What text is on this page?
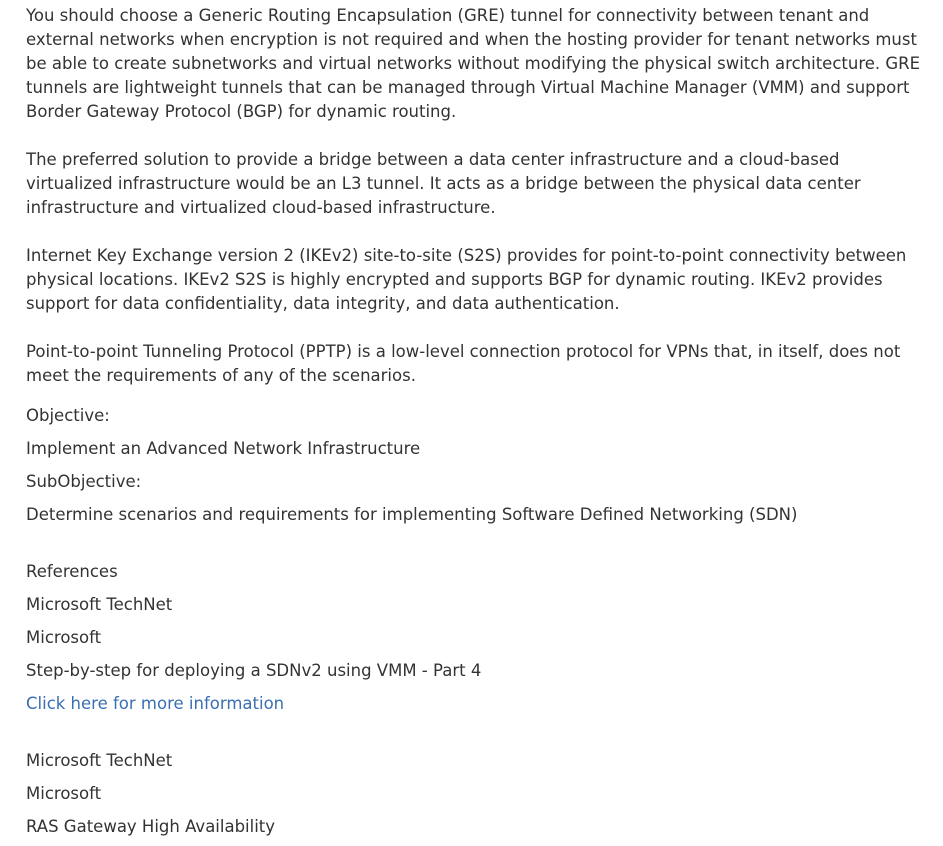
You should choose a Generic Routing Encapsulation (GRE) tunnel for connectivity between tenant and external networks when encryption is not required and when the hosting provider for tenant networks must be able to create subnetworks and virtual networks without modifying the physical switch architecture. GRE tunnels are lightweight tunnels that can be managed through Virtual Machine Manager (VMM) and support Border Gateway Protocol (BGP) for dynamic routing.

The preferred solution to provide a bridge between a data center infrastructure and a cloud-based virtualized infrastructure would be an L3 tunnel. It acts as a bridge between the physical data center infrastructure and virtualized cloud-based infrastructure.

Internet Key Exchange version 2 (IKEv2) site-to-site (S2S) provides for point-to-point connectivity between physical locations. IKEv2 S2S is highly encrypted and supports BGP for dynamic routing. IKEv2 provides support for data confidentiality, data integrity, and data authentication.

Point-to-point Tunneling Protocol (PPTP) is a low-level connection protocol for VPNs that, in itself, does not meet the requirements of any of the scenarios.

Objective:
Implement an Advanced Network Infrastructure
SubObjective:
Determine scenarios and requirements for implementing Software Defined Networking (SDN)
References
Microsoft TechNet
Microsoft
Step-by-step for deploying a SDNv2 using VMM - Part 4
Click here for more information
Microsoft TechNet
Microsoft
RAS Gateway High Availability
